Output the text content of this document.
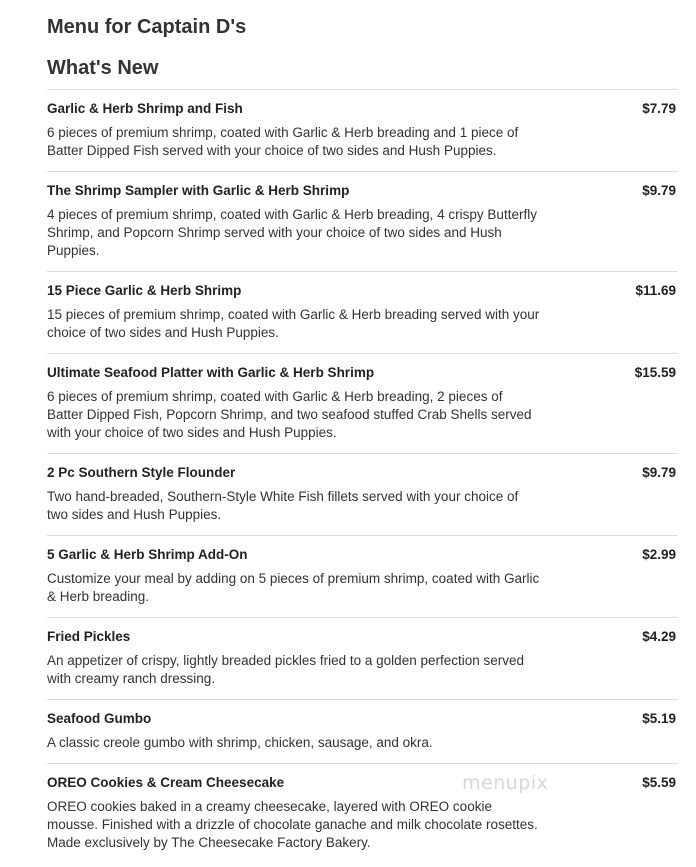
Menu for Captain D's
What's New
Garlic & Herb Shrimp and Fish	$7.79
6 pieces of premium shrimp, coated with Garlic & Herb breading and 1 piece of Batter Dipped Fish served with your choice of two sides and Hush Puppies.
The Shrimp Sampler with Garlic & Herb Shrimp	$9.79
4 pieces of premium shrimp, coated with Garlic & Herb breading, 4 crispy Butterfly Shrimp, and Popcorn Shrimp served with your choice of two sides and Hush Puppies.
15 Piece Garlic & Herb Shrimp	$11.69
15 pieces of premium shrimp, coated with Garlic & Herb breading served with your choice of two sides and Hush Puppies.
Ultimate Seafood Platter with Garlic & Herb Shrimp	$15.59
6 pieces of premium shrimp, coated with Garlic & Herb breading, 2 pieces of Batter Dipped Fish, Popcorn Shrimp, and two seafood stuffed Crab Shells served with your choice of two sides and Hush Puppies.
2 Pc Southern Style Flounder	$9.79
Two hand-breaded, Southern-Style White Fish fillets served with your choice of two sides and Hush Puppies.
5 Garlic & Herb Shrimp Add-On	$2.99
Customize your meal by adding on 5 pieces of premium shrimp, coated with Garlic & Herb breading.
Fried Pickles	$4.29
An appetizer of crispy, lightly breaded pickles fried to a golden perfection served with creamy ranch dressing.
Seafood Gumbo	$5.19
A classic creole gumbo with shrimp, chicken, sausage, and okra.
OREO Cookies & Cream Cheesecake	$5.59
OREO cookies baked in a creamy cheesecake, layered with OREO cookie mousse. Finished with a drizzle of chocolate ganache and milk chocolate rosettes. Made exclusively by The Cheesecake Factory Bakery.
menupix
